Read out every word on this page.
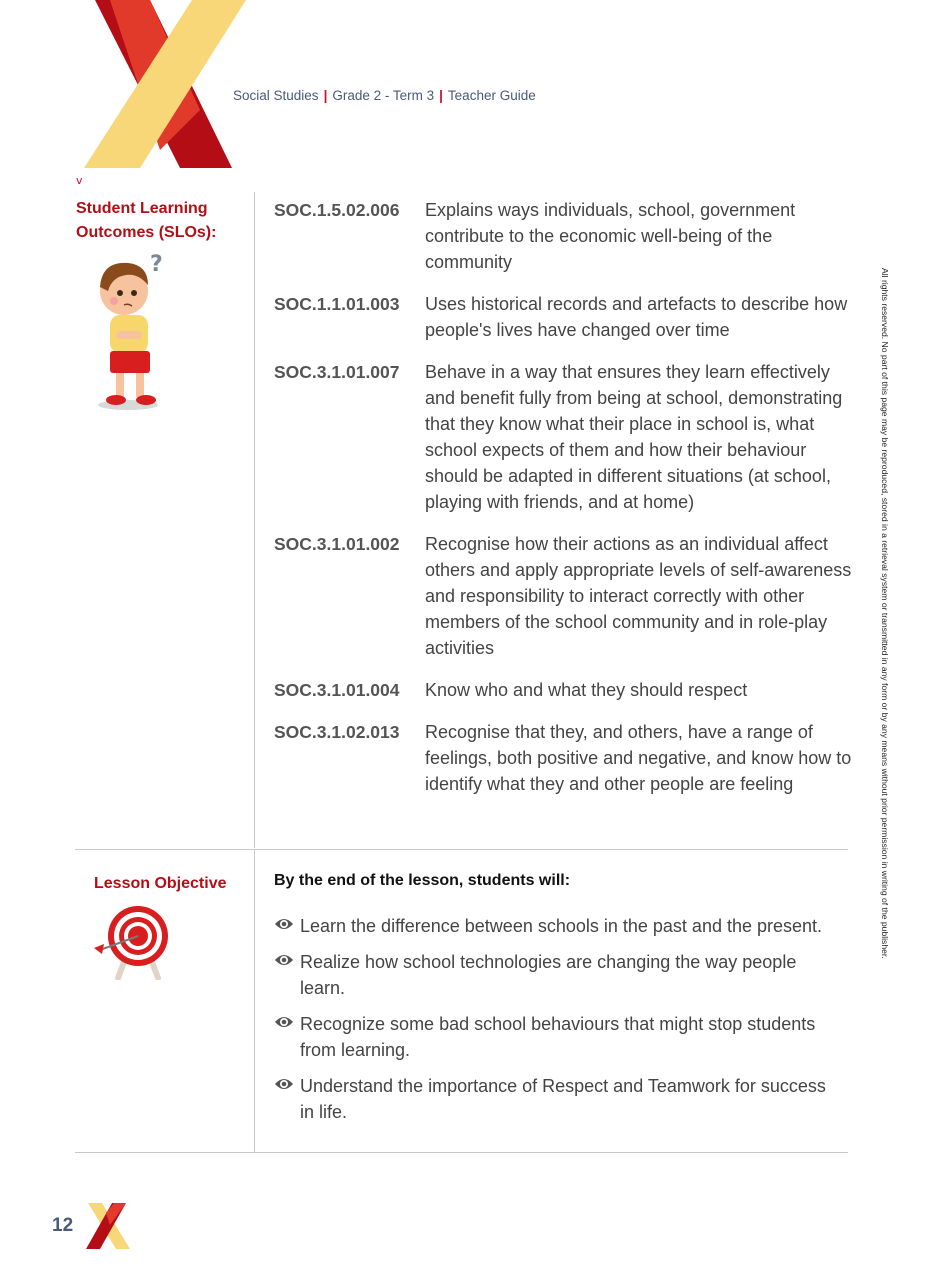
Social Studies | Grade 2 - Term 3 | Teacher Guide
v
Student Learning Outcomes (SLOs):
?
SOC.1.5.02.006	Explains ways individuals, school, government contribute to the economic well-being of the community
SOC.1.1.01.003	Uses historical records and artefacts to describe how people's lives have changed over time
SOC.3.1.01.007	Behave in a way that ensures they learn effectively and benefit fully from being at school, demonstrating that they know what their place in school is, what school expects of them and how their behaviour should be adapted in different situations (at school, playing with friends, and at home)
SOC.3.1.01.002	Recognise how their actions as an individual affect others and apply appropriate levels of self-awareness and responsibility to interact correctly with other members of the school community and in role-play activities
SOC.3.1.01.004	Know who and what they should respect
SOC.3.1.02.013	Recognise that they, and others, have a range of feelings, both positive and negative, and know how to identify what they and other people are feeling
Lesson Objective	By the end of the lesson, students will:
Learn the difference between schools in the past and the present.
Realize how school technologies are changing the way people learn.
Recognize some bad school behaviours that might stop students from learning.
Understand the importance of Respect and Teamwork for success in life.
All rights reserved. No part of this page may be reproduced, stored in a retrieval system or transmitted in any form or by any means without prior permission in writing of the publisher.
12
